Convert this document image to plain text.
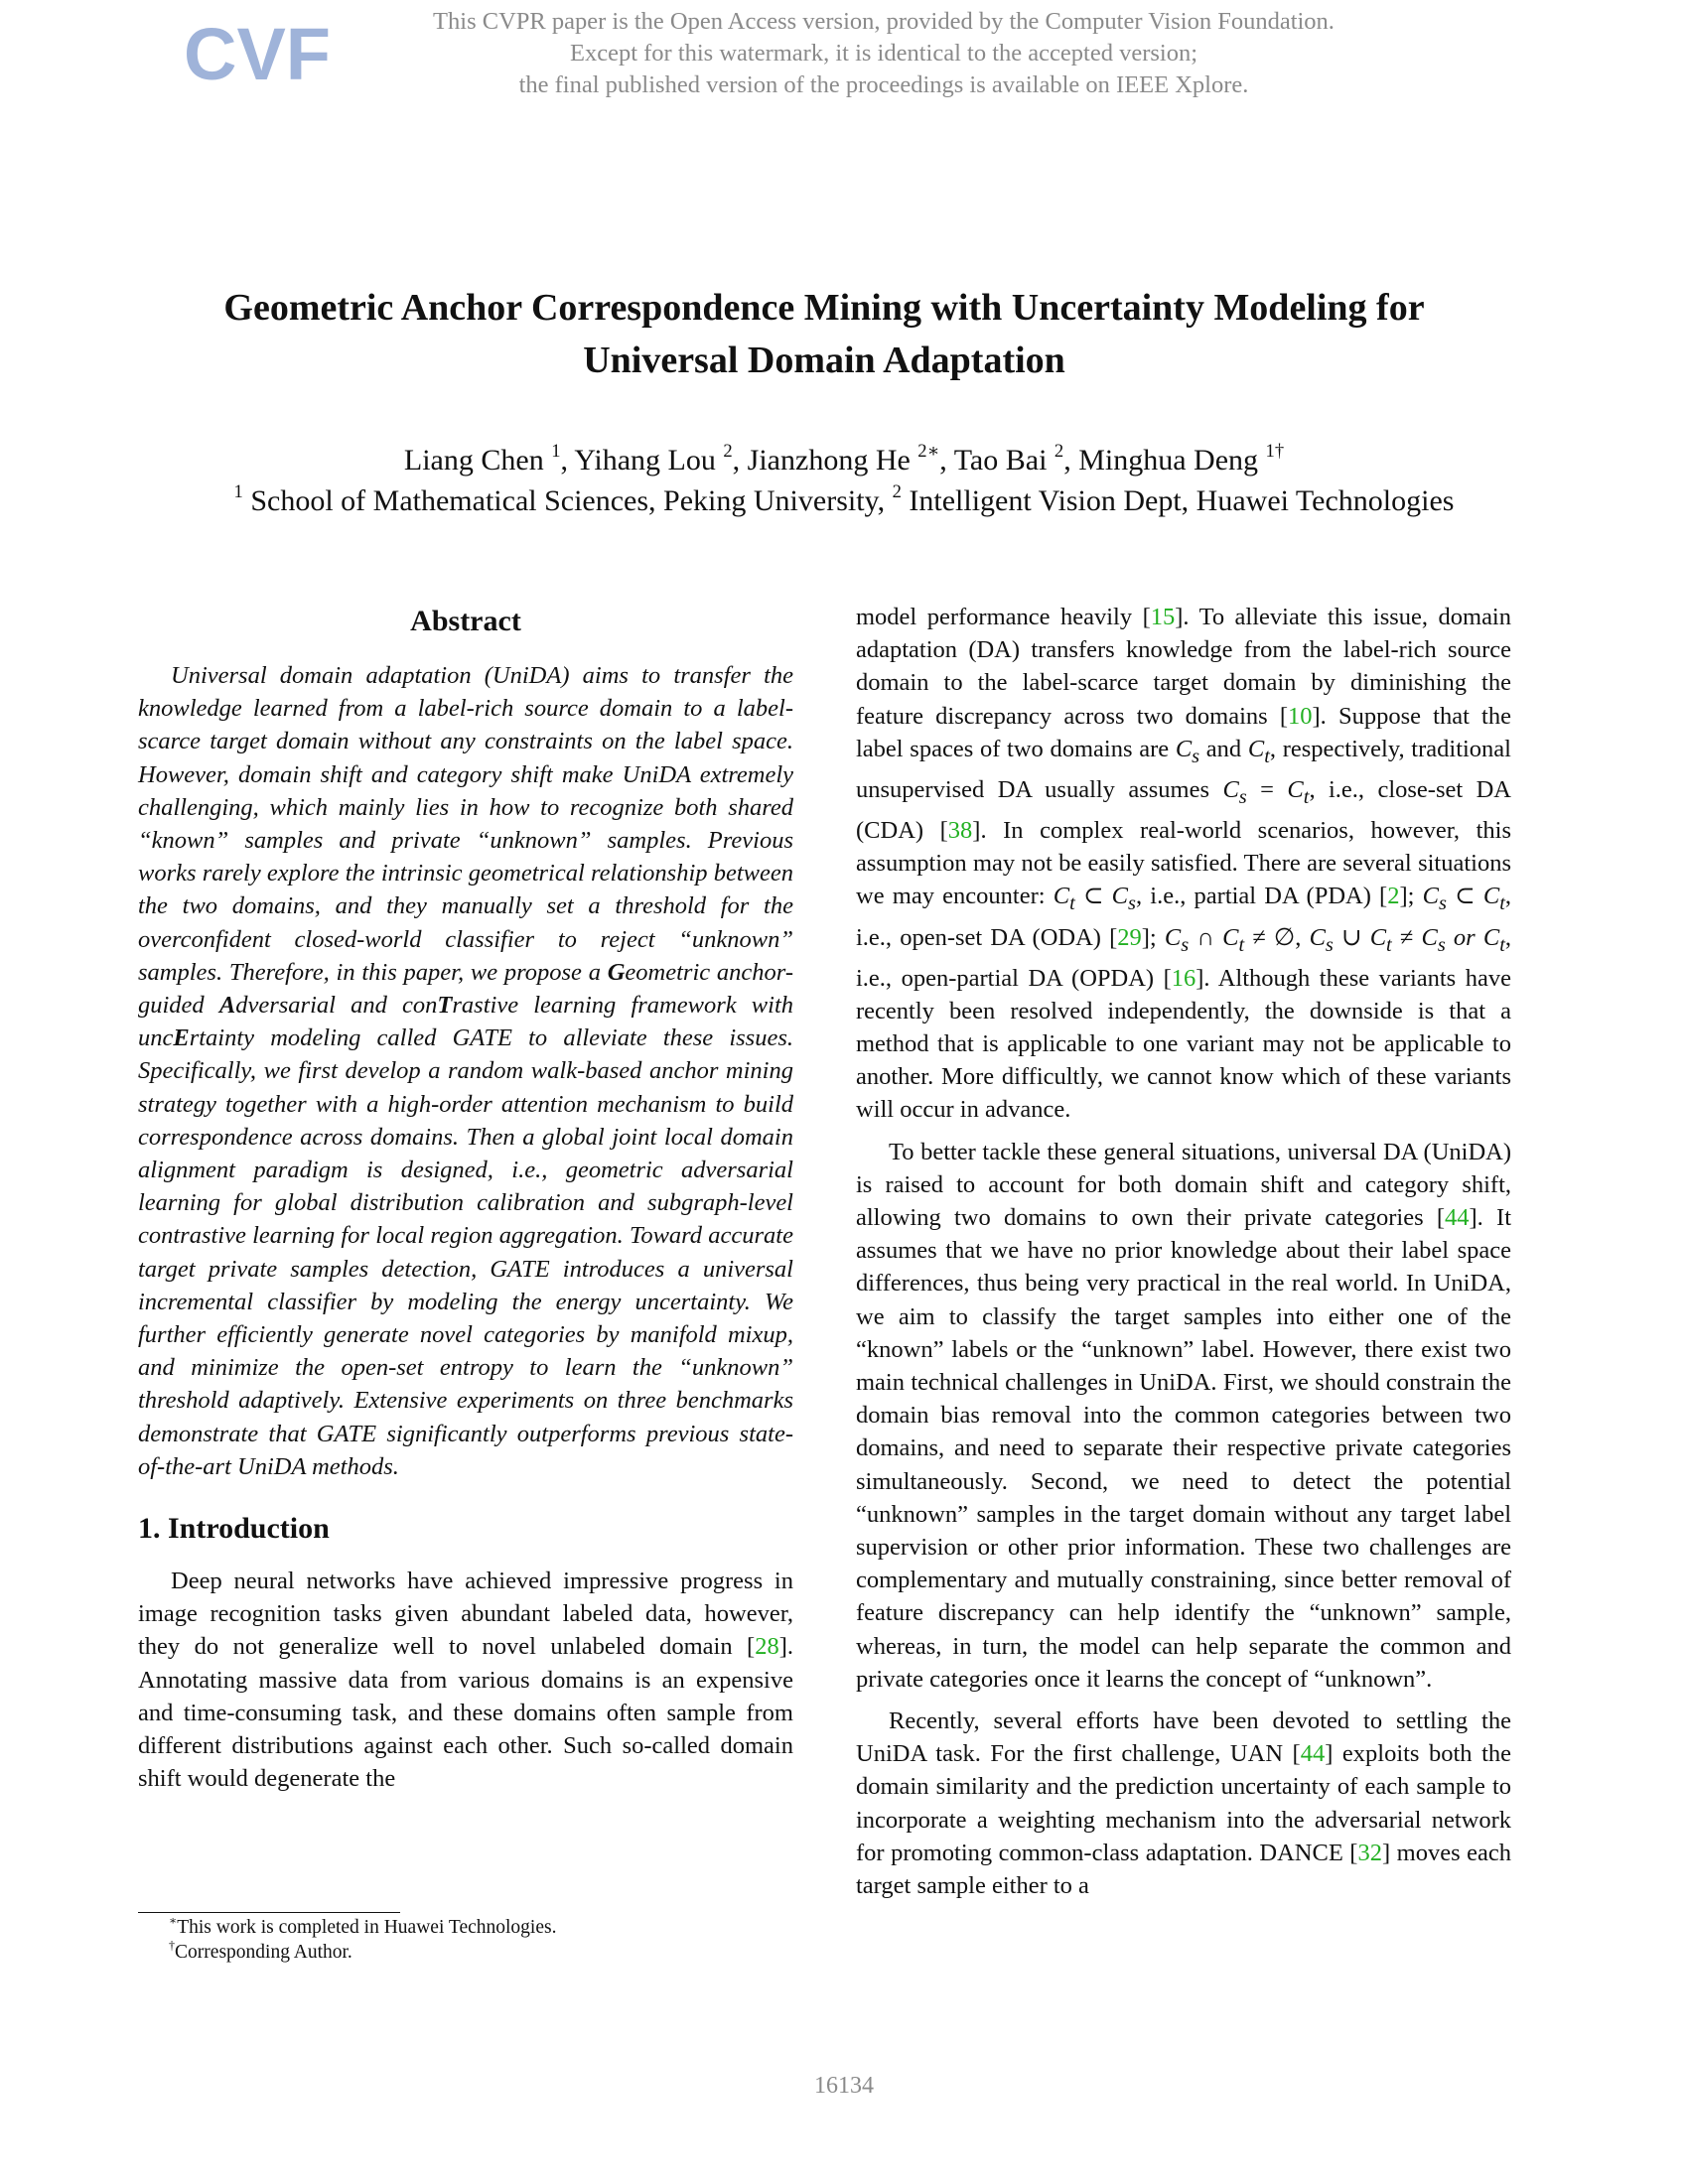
CVF	This CVPR paper is the Open Access version, provided by the Computer Vision Foundation.
Except for this watermark, it is identical to the accepted version;
the final published version of the proceedings is available on IEEE Xplore.
Geometric Anchor Correspondence Mining with Uncertainty Modeling for
Universal Domain Adaptation
Liang Chen $^1$, Yihang Lou $^2$, Jianzhong He $^{2∗}$, Tao Bai $^2$, Minghua Deng $^{1\dagger}$
$^1$ School of Mathematical Sciences, Peking University, $^2$ Intelligent Vision Dept, Huawei Technologies
Abstract

Universal domain adaptation (UniDA) aims to transfer the knowledge learned from a label-rich source domain to a label-scarce target domain without any constraints on the label space. However, domain shift and category shift make UniDA extremely challenging, which mainly lies in how to recognize both shared “known” samples and private “unknown” samples. Previous works rarely explore the intrinsic geometrical relationship between the two domains, and they manually set a threshold for the overconfident closed-world classifier to reject “unknown” samples. Therefore, in this paper, we propose a Geometric anchor-guided Adversarial and conTrastive learning framework with uncErtainty modeling called GATE to alleviate these issues. Specifically, we first develop a random walk-based anchor mining strategy together with a high-order attention mechanism to build correspondence across domains. Then a global joint local domain alignment paradigm is designed, i.e., geometric adversarial learning for global distribution calibration and subgraph-level contrastive learning for local region aggregation. Toward accurate target private samples detection, GATE introduces a universal incremental classifier by modeling the energy uncertainty. We further efficiently generate novel categories by manifold mixup, and minimize the open-set entropy to learn the “unknown” threshold adaptively. Extensive experiments on three benchmarks demonstrate that GATE significantly outperforms previous state-of-the-art UniDA methods.

1. Introduction

Deep neural networks have achieved impressive progress in image recognition tasks given abundant labeled data, however, they do not generalize well to novel unlabeled domain [28]. Annotating massive data from various domains is an expensive and time-consuming task, and these domains often sample from different distributions against each other. Such so-called domain shift would degenerate the

model performance heavily [15]. To alleviate this issue, domain adaptation (DA) transfers knowledge from the label-rich source domain to the label-scarce target domain by diminishing the feature discrepancy across two domains [10]. Suppose that the label spaces of two domains are $C_s$ and $C_t$, respectively, traditional unsupervised DA usually assumes $C_s = C_t$, i.e., close-set DA (CDA) [38]. In complex real-world scenarios, however, this assumption may not be easily satisfied. There are several situations we may encounter: $C_t$ ⊂ $C_s$, i.e., partial DA (PDA) [2]; $C_s$ ⊂ $C_t$, i.e., open-set DA (ODA) [29]; $C_s$ ∩ $C_t$ ≠ ∅, $C_s$ ∪ $C_t \ne C_s$ or $C_t$, i.e., open-partial DA (OPDA) [16]. Although these variants have recently been resolved independently, the downside is that a method that is applicable to one variant may not be applicable to another. More difficultly, we cannot know which of these variants will occur in advance.

To better tackle these general situations, universal DA (UniDA) is raised to account for both domain shift and category shift, allowing two domains to own their private categories [44]. It assumes that we have no prior knowledge about their label space differences, thus being very practical in the real world. In UniDA, we aim to classify the target samples into either one of the “known” labels or the “unknown” label. However, there exist two main technical challenges in UniDA. First, we should constrain the domain bias removal into the common categories between two domains, and need to separate their respective private categories simultaneously. Second, we need to detect the potential “unknown” samples in the target domain without any target label supervision or other prior information. These two challenges are complementary and mutually constraining, since better removal of feature discrepancy can help identify the “unknown” sample, whereas, in turn, the model can help separate the common and private categories once it learns the concept of “unknown”.

Recently, several efforts have been devoted to settling the UniDA task. For the first challenge, UAN [44] exploits both the domain similarity and the prediction uncertainty of each sample to incorporate a weighting mechanism into the adversarial network for promoting common-class adaptation. DANCE [32] moves each target sample either to a

∗This work is completed in Huawei Technologies.
†Corresponding Author.
16134
